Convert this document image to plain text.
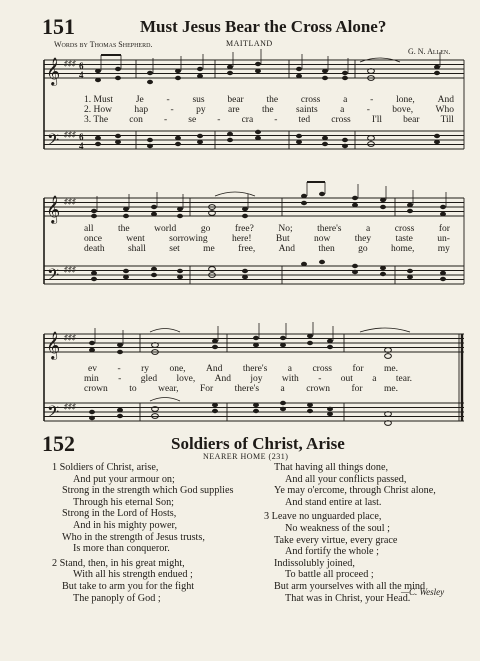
151	Must Jesus Bear the Cross Alone?
Words by Thomas Shepherd.	MAITLAND
G. N. Allen.
𝄞
𝄢
♯♯♯
♯♯♯
6
4
6
4
1. Must Je - sus bear the cross a - lone, And
2. How hap - py are the saints a - bove, Who
3. The con - se - cra - ted cross I'll bear Till
𝄞
𝄢
♯♯♯
♯♯♯
all	the	world	go	free?	No;	there's	a	cross	for
once	went	sorrowing	here!	But	now	they	taste	un-
death shall set me free, And then go home, my
𝄞
𝄢
♯♯♯
♯♯♯
ev - ry one, And there's a cross for me.
min - gled love, And joy with - out a tear.
crown to wear, For there's a crown for me.
152	Soldiers of Christ, Arise
NEARER HOME (231)
1 Soldiers of Christ, arise,
And put your armour on;
Strong in the strength which God supplies
Through his eternal Son;
Strong in the Lord of Hosts,
And in his mighty power,
Who in the strength of Jesus trusts,
Is more than conqueror.
2 Stand, then, in his great might,
With all his strength endued ;
But take to arm you for the fight
The panoply of God ;
That having all things done,
And all your conflicts passed,
Ye may o'ercome, through Christ alone,
And stand entire at last.
3 Leave no unguarded place,
No weakness of the soul ;
Take every virtue, every grace
And fortify the whole ;
Indissolubly joined,
To battle all proceed ;
But arm yourselves with all the mind
That was in Christ, your Head.
—C. Wesley
